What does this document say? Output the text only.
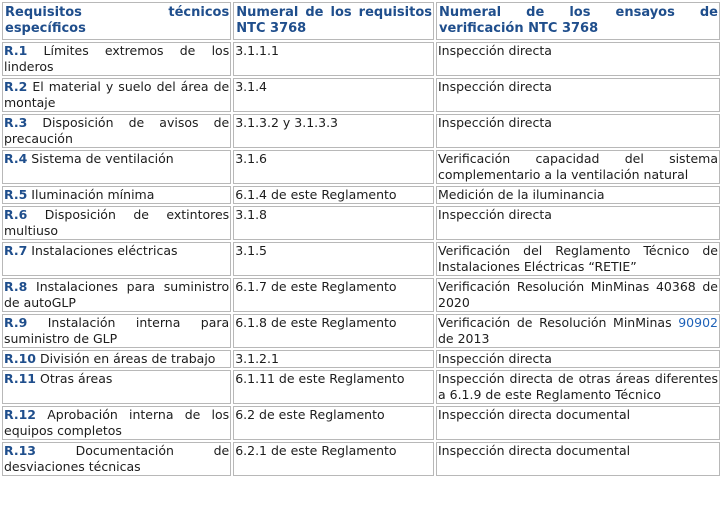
Requisitos técnicos específicos	Numeral de los requisitos NTC 3768	Numeral de los ensayos de verificación NTC 3768
R.1 Límites extremos de los linderos	3.1.1.1	Inspección directa
R.2 El material y suelo del área de montaje	3.1.4	Inspección directa
R.3 Disposición de avisos de precaución	3.1.3.2 y 3.1.3.3	Inspección directa
R.4 Sistema de ventilación	3.1.6	Verificación capacidad del sistema complementario a la ventilación natural
R.5 Iluminación mínima	6.1.4 de este Reglamento	Medición de la iluminancia
R.6 Disposición de extintores multiuso	3.1.8	Inspección directa
R.7 Instalaciones eléctricas	3.1.5	Verificación del Reglamento Técnico de Instalaciones Eléctricas “RETIE”
R.8 Instalaciones para suministro de autoGLP	6.1.7 de este Reglamento	Verificación Resolución MinMinas 40368 de 2020
R.9 Instalación interna para suministro de GLP	6.1.8 de este Reglamento	Verificación de Resolución MinMinas 90902 de 2013
R.10 División en áreas de trabajo	3.1.2.1	Inspección directa
R.11 Otras áreas	6.1.11 de este Reglamento	Inspección directa de otras áreas diferentes a 6.1.9 de este Reglamento Técnico
R.12 Aprobación interna de los equipos completos	6.2 de este Reglamento	Inspección directa documental
R.13 Documentación de desviaciones técnicas	6.2.1 de este Reglamento	Inspección directa documental
